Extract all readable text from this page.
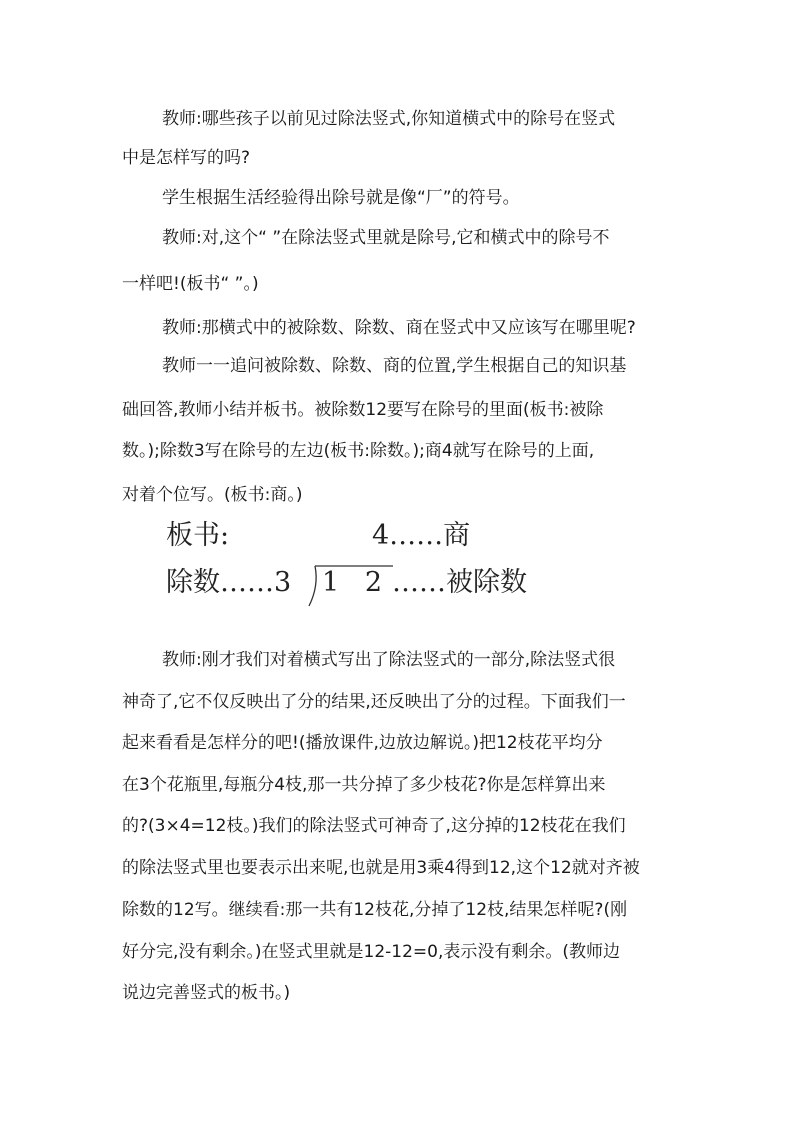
教师:哪些孩子以前见过除法竖式,你知道横式中的除号在竖式
中是怎样写的吗?
学生根据生活经验得出除号就是像“厂”的符号。
教师:对,这个“ ”在除法竖式里就是除号,它和横式中的除号不
一样吧!(板书“ ”。)
教师:那横式中的被除数、除数、商在竖式中又应该写在哪里呢?
教师一一追问被除数、除数、商的位置,学生根据自己的知识基
础回答,教师小结并板书。被除数12要写在除号的里面(板书:被除
数。);除数3写在除号的左边(板书:除数。);商4就写在除号的上面,
对着个位写。(板书:商。)
板书:	4……商
除数……3 1   2 ……被除数
教师:刚才我们对着横式写出了除法竖式的一部分,除法竖式很
神奇了,它不仅反映出了分的结果,还反映出了分的过程。下面我们一
起来看看是怎样分的吧!(播放课件,边放边解说。)把12枝花平均分
在3个花瓶里,每瓶分4枝,那一共分掉了多少枝花?你是怎样算出来
的?(3×4=12枝。)我们的除法竖式可神奇了,这分掉的12枝花在我们
的除法竖式里也要表示出来呢,也就是用3乘4得到12,这个12就对齐被
除数的12写。继续看:那一共有12枝花,分掉了12枝,结果怎样呢?(刚
好分完,没有剩余。)在竖式里就是12-12=0,表示没有剩余。(教师边
说边完善竖式的板书。)
